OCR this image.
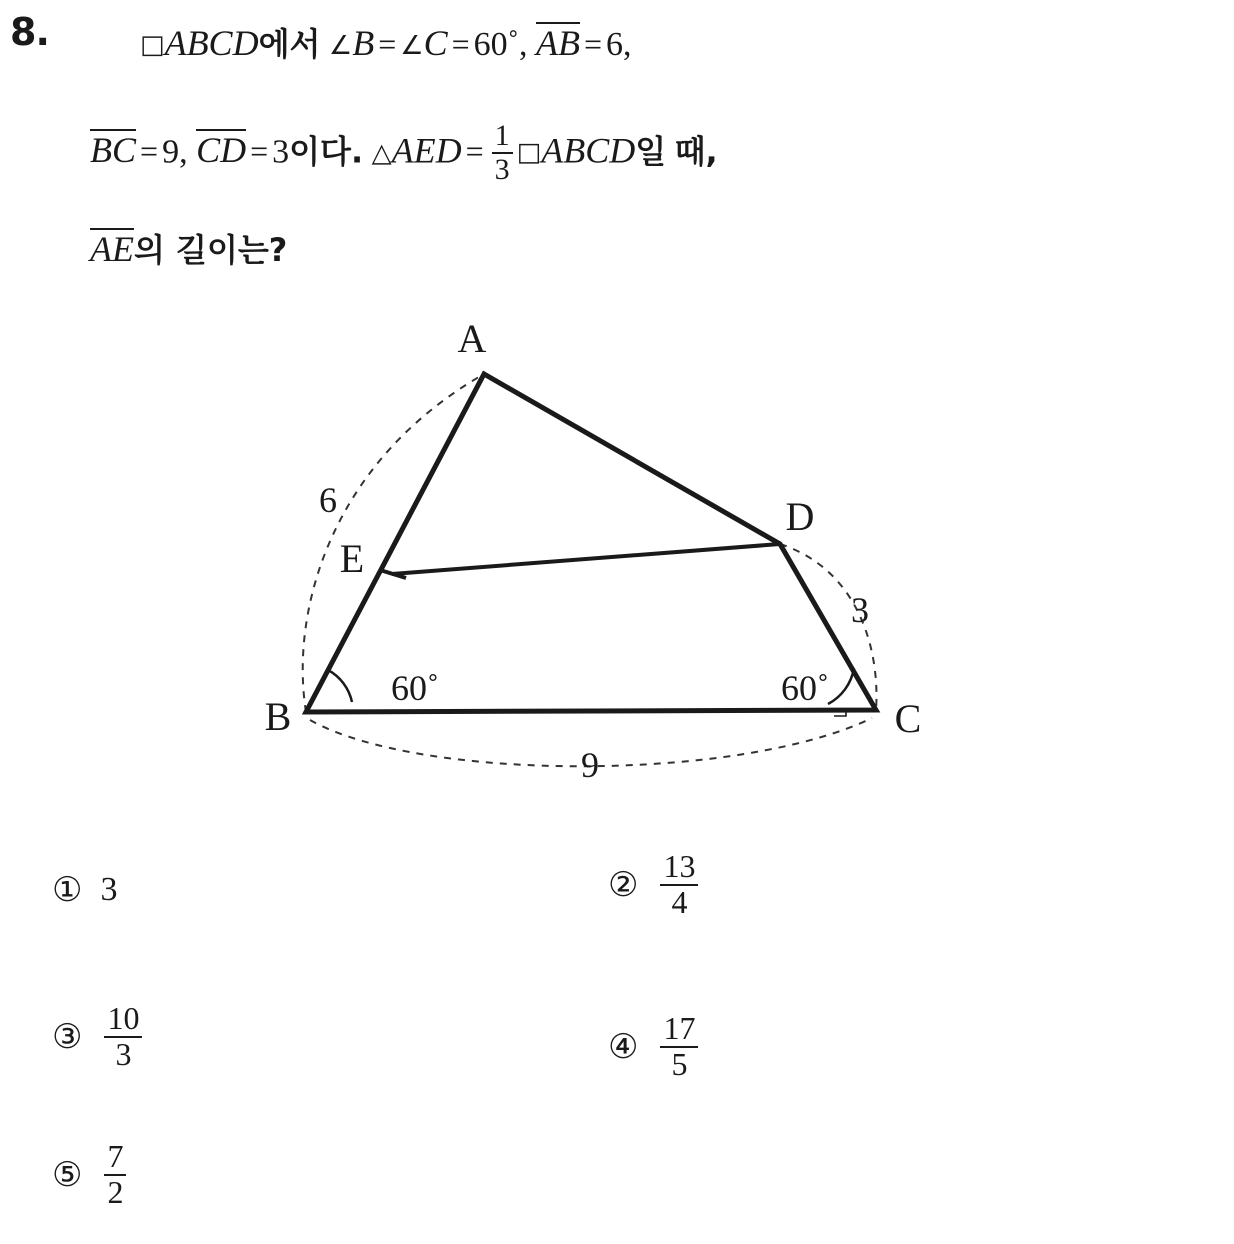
8.	□ABCD에서 ∠B = ∠C = 60˚, AB = 6,
BC = 9, CD = 3이다. △AED = $\frac{1}{3}$ □ABCD일 때,
AE의 길이는?
A
B	C
D
E
6
3
9
60˚	60˚
① 3	② $\frac{13}{4}$
③ $\frac{10}{3}$	④ $\frac{17}{5}$
⑤ $\frac{7}{2}$
